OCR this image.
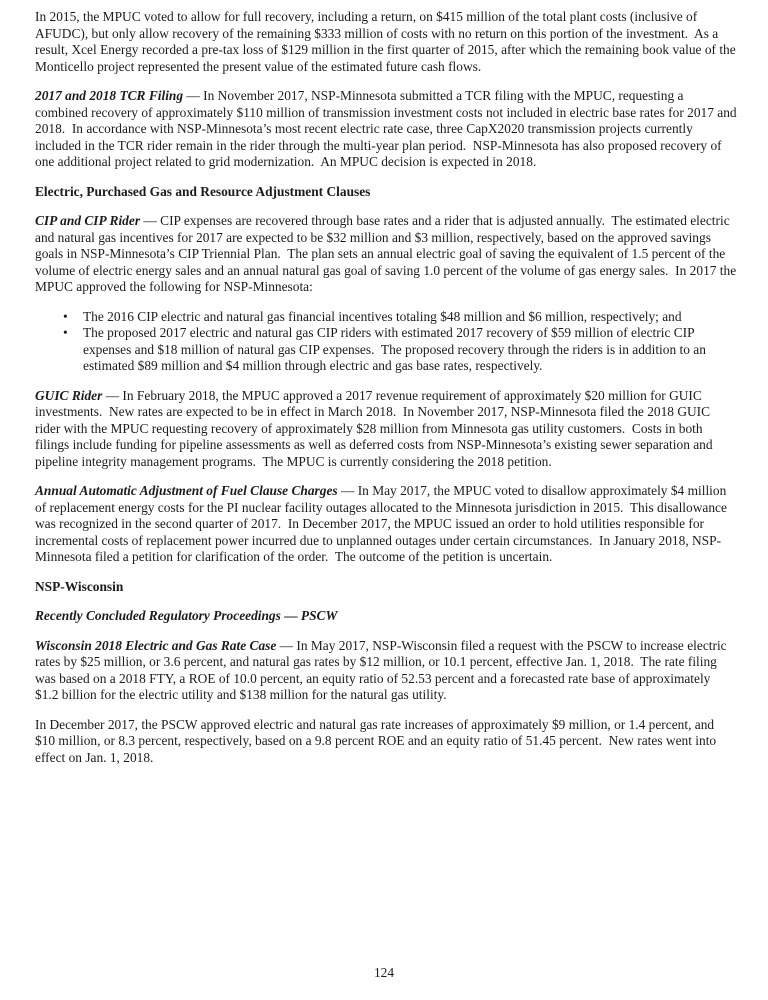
In 2015, the MPUC voted to allow for full recovery, including a return, on $415 million of the total plant costs (inclusive of AFUDC), but only allow recovery of the remaining $333 million of costs with no return on this portion of the investment.  As a result, Xcel Energy recorded a pre-tax loss of $129 million in the first quarter of 2015, after which the remaining book value of the Monticello project represented the present value of the estimated future cash flows.

2017 and 2018 TCR Filing — In November 2017, NSP-Minnesota submitted a TCR filing with the MPUC, requesting a combined recovery of approximately $110 million of transmission investment costs not included in electric base rates for 2017 and 2018.  In accordance with NSP-Minnesota’s most recent electric rate case, three CapX2020 transmission projects currently included in the TCR rider remain in the rider through the multi-year plan period.  NSP-Minnesota has also proposed recovery of one additional project related to grid modernization.  An MPUC decision is expected in 2018.

Electric, Purchased Gas and Resource Adjustment Clauses

CIP and CIP Rider — CIP expenses are recovered through base rates and a rider that is adjusted annually.  The estimated electric and natural gas incentives for 2017 are expected to be $32 million and $3 million, respectively, based on the approved savings goals in NSP-Minnesota’s CIP Triennial Plan.  The plan sets an annual electric goal of saving the equivalent of 1.5 percent of the volume of electric energy sales and an annual natural gas goal of saving 1.0 percent of the volume of gas energy sales.  In 2017 the MPUC approved the following for NSP-Minnesota:

•	The 2016 CIP electric and natural gas financial incentives totaling $48 million and $6 million, respectively; and
•	The proposed 2017 electric and natural gas CIP riders with estimated 2017 recovery of $59 million of electric CIP expenses and $18 million of natural gas CIP expenses.  The proposed recovery through the riders is in addition to an estimated $89 million and $4 million through electric and gas base rates, respectively.

GUIC Rider — In February 2018, the MPUC approved a 2017 revenue requirement of approximately $20 million for GUIC investments.  New rates are expected to be in effect in March 2018.  In November 2017, NSP-Minnesota filed the 2018 GUIC rider with the MPUC requesting recovery of approximately $28 million from Minnesota gas utility customers.  Costs in both filings include funding for pipeline assessments as well as deferred costs from NSP-Minnesota’s existing sewer separation and pipeline integrity management programs.  The MPUC is currently considering the 2018 petition.

Annual Automatic Adjustment of Fuel Clause Charges — In May 2017, the MPUC voted to disallow approximately $4 million of replacement energy costs for the PI nuclear facility outages allocated to the Minnesota jurisdiction in 2015.  This disallowance was recognized in the second quarter of 2017.  In December 2017, the MPUC issued an order to hold utilities responsible for incremental costs of replacement power incurred due to unplanned outages under certain circumstances.  In January 2018, NSP-Minnesota filed a petition for clarification of the order.  The outcome of the petition is uncertain.

NSP-Wisconsin

Recently Concluded Regulatory Proceedings — PSCW

Wisconsin 2018 Electric and Gas Rate Case — In May 2017, NSP-Wisconsin filed a request with the PSCW to increase electric rates by $25 million, or 3.6 percent, and natural gas rates by $12 million, or 10.1 percent, effective Jan. 1, 2018.  The rate filing was based on a 2018 FTY, a ROE of 10.0 percent, an equity ratio of 52.53 percent and a forecasted rate base of approximately $1.2 billion for the electric utility and $138 million for the natural gas utility.

In December 2017, the PSCW approved electric and natural gas rate increases of approximately $9 million, or 1.4 percent, and $10 million, or 8.3 percent, respectively, based on a 9.8 percent ROE and an equity ratio of 51.45 percent.  New rates went into effect on Jan. 1, 2018.

124
